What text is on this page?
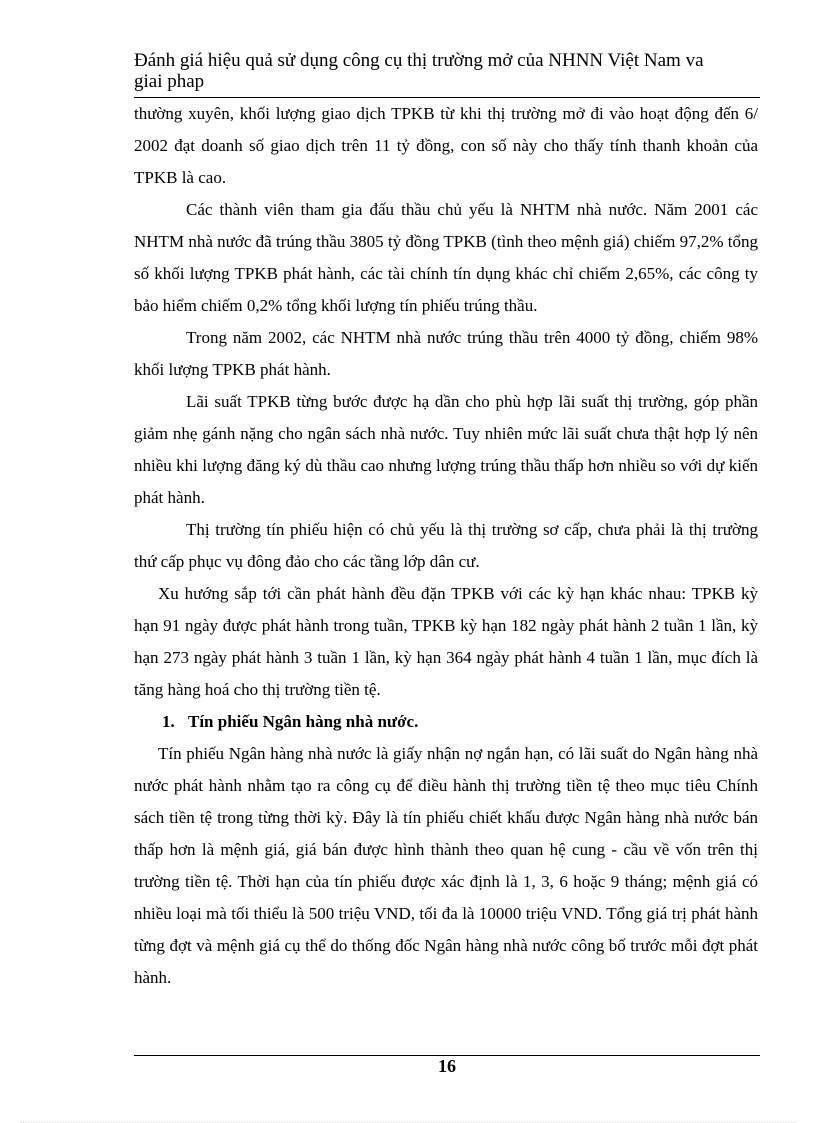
Đánh giá hiệu quả sử dụng công cụ thị trường mở của NHNN Việt Nam va giai phap

thường xuyên, khối lượng giao dịch TPKB từ khi thị trường mở đi vào hoạt động đến 6/ 2002 đạt doanh số giao dịch trên 11 tỷ đồng, con số này cho thấy tính thanh khoản của TPKB là cao.

Các thành viên tham gia đấu thầu chủ yếu là NHTM nhà nước. Năm 2001 các NHTM nhà nước đã trúng thầu 3805 tỷ đồng TPKB (tình theo mệnh giá) chiếm 97,2% tổng số khối lượng TPKB phát hành, các tài chính tín dụng khác chỉ chiếm 2,65%, các công ty bảo hiểm chiếm 0,2% tổng khối lượng tín phiếu trúng thầu.

Trong năm 2002, các NHTM nhà nước trúng thầu trên 4000 tỷ đồng, chiếm 98% khối lượng TPKB phát hành.

Lãi suất TPKB từng bước được hạ dần cho phù hợp lãi suất thị trường, góp phần giảm nhẹ gánh nặng cho ngân sách nhà nước. Tuy nhiên mức lãi suất chưa thật hợp lý nên nhiều khi lượng đăng ký dù thầu cao nhưng lượng trúng thầu thấp hơn nhiều so với dự kiến phát hành.

Thị trường tín phiếu hiện có chủ yếu là thị trường sơ cấp, chưa phải là thị trường thứ cấp phục vụ đông đảo cho các tầng lớp dân cư.

Xu hướng sắp tới cần phát hành đều đặn TPKB với các kỳ hạn khác nhau: TPKB kỳ hạn 91 ngày được phát hành trong tuần, TPKB kỳ hạn 182 ngày phát hành 2 tuần 1 lần, kỳ hạn 273 ngày phát hành 3 tuần 1 lần, kỳ hạn 364 ngày phát hành 4 tuần 1 lần, mục đích là tăng hàng hoá cho thị trường tiền tệ.

1. Tín phiếu Ngân hàng nhà nước.

Tín phiếu Ngân hàng nhà nước là giấy nhận nợ ngắn hạn, có lãi suất do Ngân hàng nhà nước phát hành nhằm tạo ra công cụ để điều hành thị trường tiền tệ theo mục tiêu Chính sách tiền tệ trong từng thời kỳ. Đây là tín phiếu chiết khấu được Ngân hàng nhà nước bán thấp hơn là mệnh giá, giá bán được hình thành theo quan hệ cung - cầu về vốn trên thị trường tiền tệ. Thời hạn của tín phiếu được xác định là 1, 3, 6 hoặc 9 tháng; mệnh giá có nhiều loại mà tối thiểu là 500 triệu VND, tối đa là 10000 triệu VND. Tổng giá trị phát hành từng đợt và mệnh giá cụ thể do thống đốc Ngân hàng nhà nước công bố trước mỗi đợt phát hành.

16
